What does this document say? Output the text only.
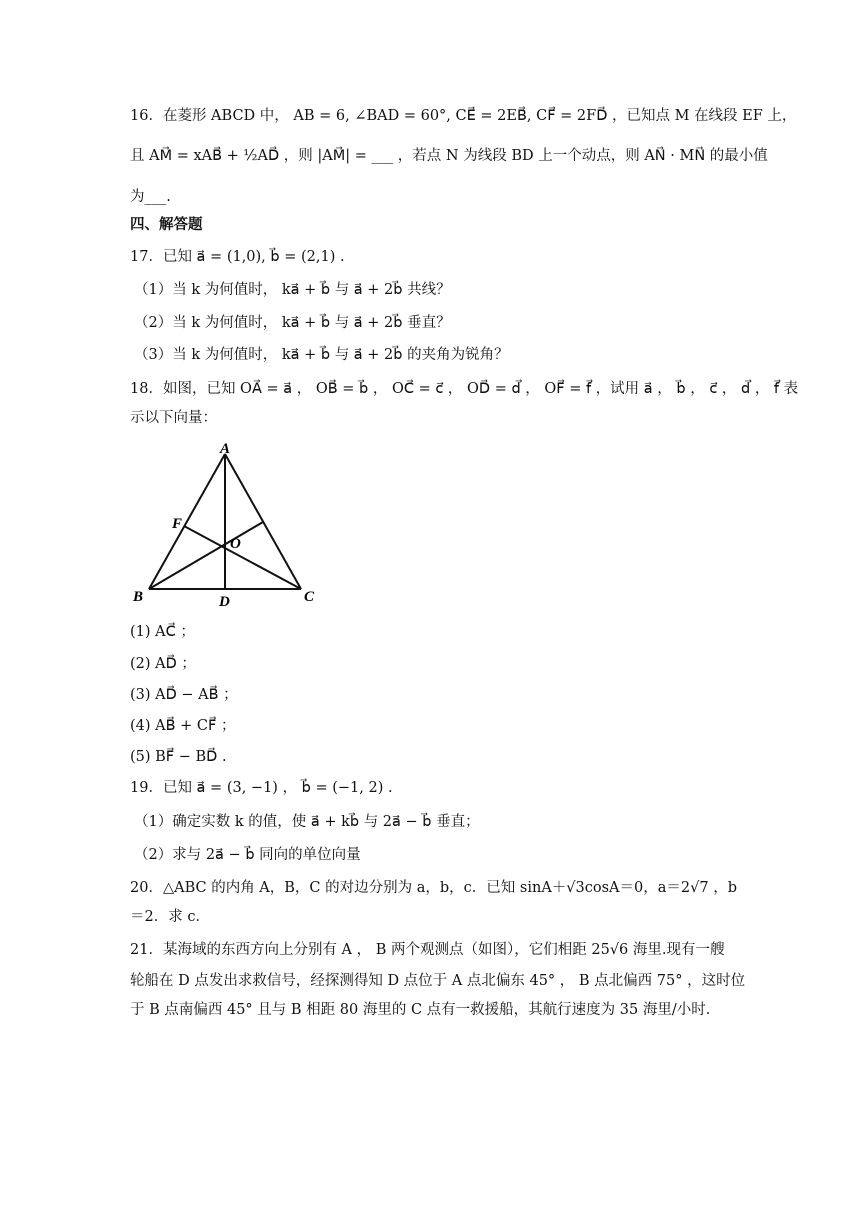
16．在菱形 ABCD 中， AB = 6, ∠BAD = 60°, CE⃗ = 2EB⃗, CF⃗ = 2FD⃗ ，已知点 M 在线段 EF 上，
且 AM⃗ = xAB⃗ + ½AD⃗ ，则 |AM⃗| = ___ ，若点 N 为线段 BD 上一个动点，则 AN⃗ · MN⃗ 的最小值
为___.
四、解答题
17．已知 a⃗ = (1,0), b⃗ = (2,1) .
（1）当 k 为何值时， ka⃗ + b⃗ 与 a⃗ + 2b⃗ 共线？
（2）当 k 为何值时， ka⃗ + b⃗ 与 a⃗ + 2b⃗ 垂直？
（3）当 k 为何值时， ka⃗ + b⃗ 与 a⃗ + 2b⃗ 的夹角为锐角？
18．如图，已知 OA⃗ = a⃗ ， OB⃗ = b⃗ ， OC⃗ = c⃗ ， OD⃗ = d⃗ ， OF⃗ = f⃗ ，试用 a⃗ ， b⃗ ， c⃗ ， d⃗ ， f⃗ 表
示以下向量：
A
B	C
D
O
F
(1) AC⃗ ；
(2) AD⃗ ；
(3) AD⃗ − AB⃗ ；
(4) AB⃗ + CF⃗ ；
(5) BF⃗ − BD⃗ .
19．已知 a⃗ = (3, −1) ， b⃗ = (−1, 2) .
（1）确定实数 k 的值，使 a⃗ + kb⃗ 与 2a⃗ − b⃗ 垂直；
（2）求与 2a⃗ − b⃗ 同向的单位向量
20．△ABC 的内角 A，B，C 的对边分别为 a，b，c．已知 sinA＋√3cosA＝0，a＝2√7 ，b
＝2．求 c．
21．某海域的东西方向上分别有 A ， B 两个观测点（如图），它们相距 25√6 海里.现有一艘
轮船在 D 点发出求救信号，经探测得知 D 点位于 A 点北偏东 45° ， B 点北偏西 75° ，这时位
于 B 点南偏西 45° 且与 B 相距 80 海里的 C 点有一救援船，其航行速度为 35 海里/小时.
